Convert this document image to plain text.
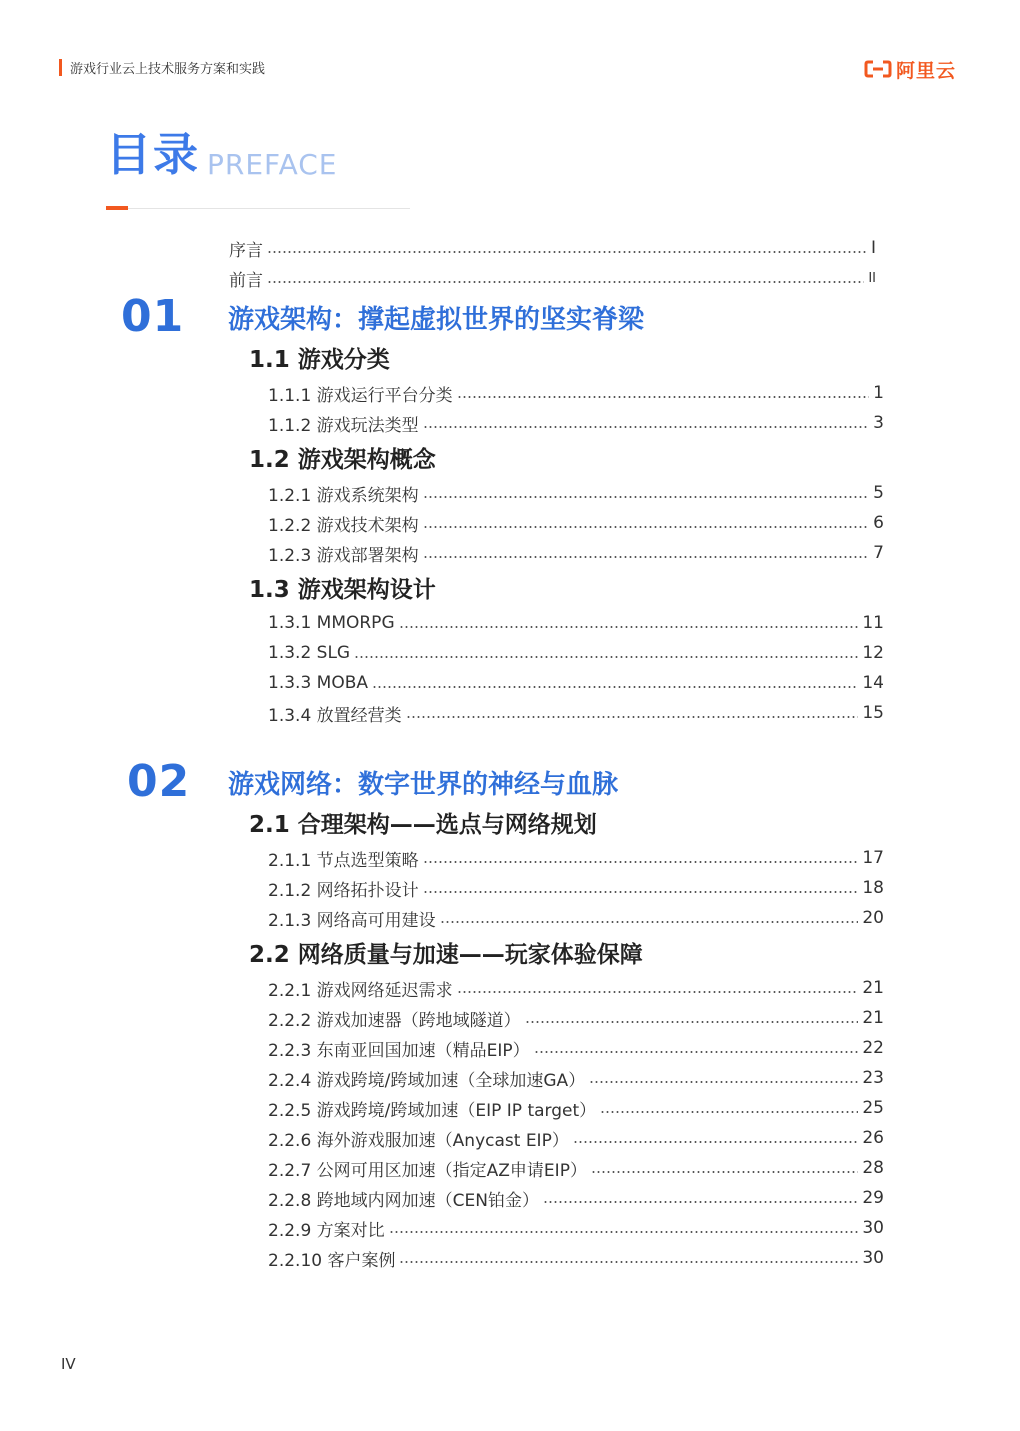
游戏行业云上技术服务方案和实践	阿里云
目录 PREFACE
序言	I
前言	II
01 游戏架构：撑起虚拟世界的坚实脊梁
1.1 游戏分类
1.1.1 游戏运行平台分类	1
1.1.2 游戏玩法类型	3
1.2 游戏架构概念
1.2.1 游戏系统架构	5
1.2.2 游戏技术架构	6
1.2.3 游戏部署架构	7
1.3 游戏架构设计
1.3.1 MMORPG	11
1.3.2 SLG	12
1.3.3 MOBA	14
1.3.4 放置经营类	15
02 游戏网络：数字世界的神经与血脉
2.1 合理架构——选点与网络规划
2.1.1 节点选型策略	17
2.1.2 网络拓扑设计	18
2.1.3 网络高可用建设	20
2.2 网络质量与加速——玩家体验保障
2.2.1 游戏网络延迟需求	21
2.2.2 游戏加速器（跨地域隧道）	21
2.2.3 东南亚回国加速（精品EIP）	22
2.2.4 游戏跨境/跨域加速（全球加速GA）	23
2.2.5 游戏跨境/跨域加速（EIP IP target）	25
2.2.6 海外游戏服加速（Anycast EIP）	26
2.2.7 公网可用区加速（指定AZ申请EIP）	28
2.2.8 跨地域内网加速（CEN铂金）	29
2.2.9 方案对比	30
2.2.10 客户案例	30
IV
